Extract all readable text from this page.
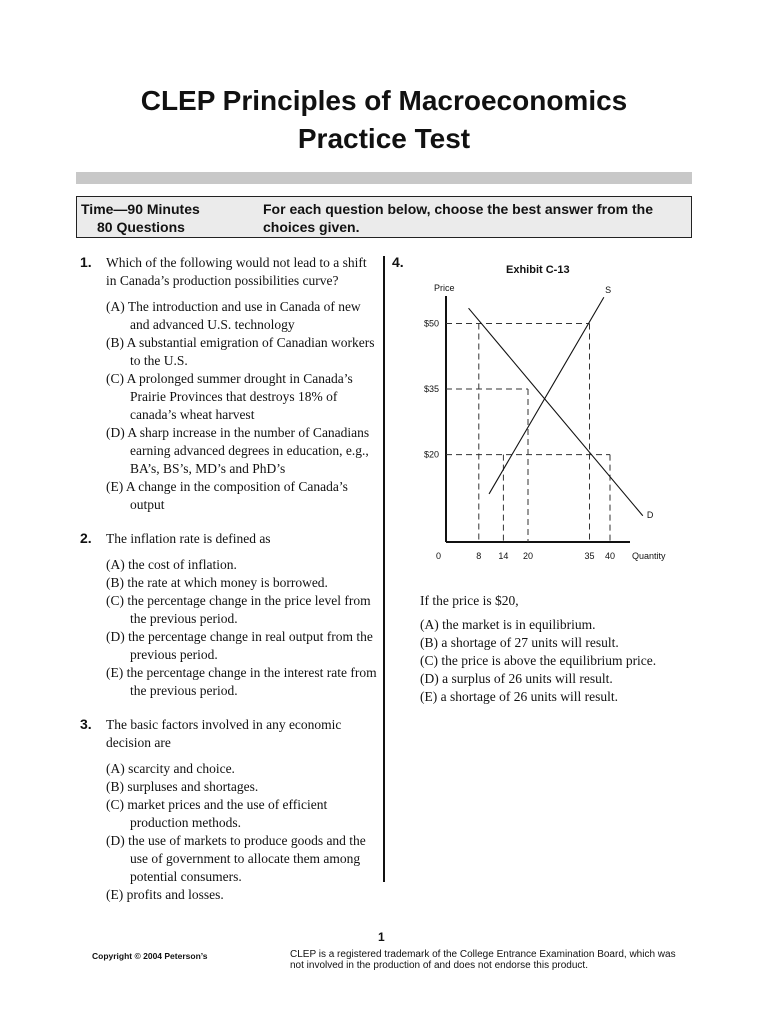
CLEP Principles of Macroeconomics
Practice Test
Time—90 Minutes
80 Questions
For each question below, choose the best answer from the choices given.
1. Which of the following would not lead to a shift in Canada’s production possibilities curve?
(A) The introduction and use in Canada of new and advanced U.S. technology
(B) A substantial emigration of Canadian workers to the U.S.
(C) A prolonged summer drought in Canada’s Prairie Provinces that destroys 18% of canada’s wheat harvest
(D) A sharp increase in the number of Canadians earning advanced degrees in education, e.g., BA’s, BS’s, MD’s and PhD’s
(E) A change in the composition of Canada’s output
2. The inflation rate is defined as
(A) the cost of inflation.
(B) the rate at which money is borrowed.
(C) the percentage change in the price level from the previous period.
(D) the percentage change in real output from the previous period.
(E) the percentage change in the interest rate from the previous period.
3. The basic factors involved in any economic decision are
(A) scarcity and choice.
(B) surpluses and shortages.
(C) market prices and the use of efficient production methods.
(D) the use of markets to produce goods and the use of government to allocate them among potential consumers.
(E) profits and losses.
4.	Exhibit C-13
Price
Quantity
0
$20
$35
$50
8 14 20	35 40
S
D
If the price is $20,
(A) the market is in equilibrium.
(B) a shortage of 27 units will result.
(C) the price is above the equilibrium price.
(D) a surplus of 26 units will result.
(E) a shortage of 26 units will result.
1
Copyright © 2004 Peterson’s	CLEP is a registered trademark of the College Entrance Examination Board, which was not involved in the production of and does not endorse this product.
